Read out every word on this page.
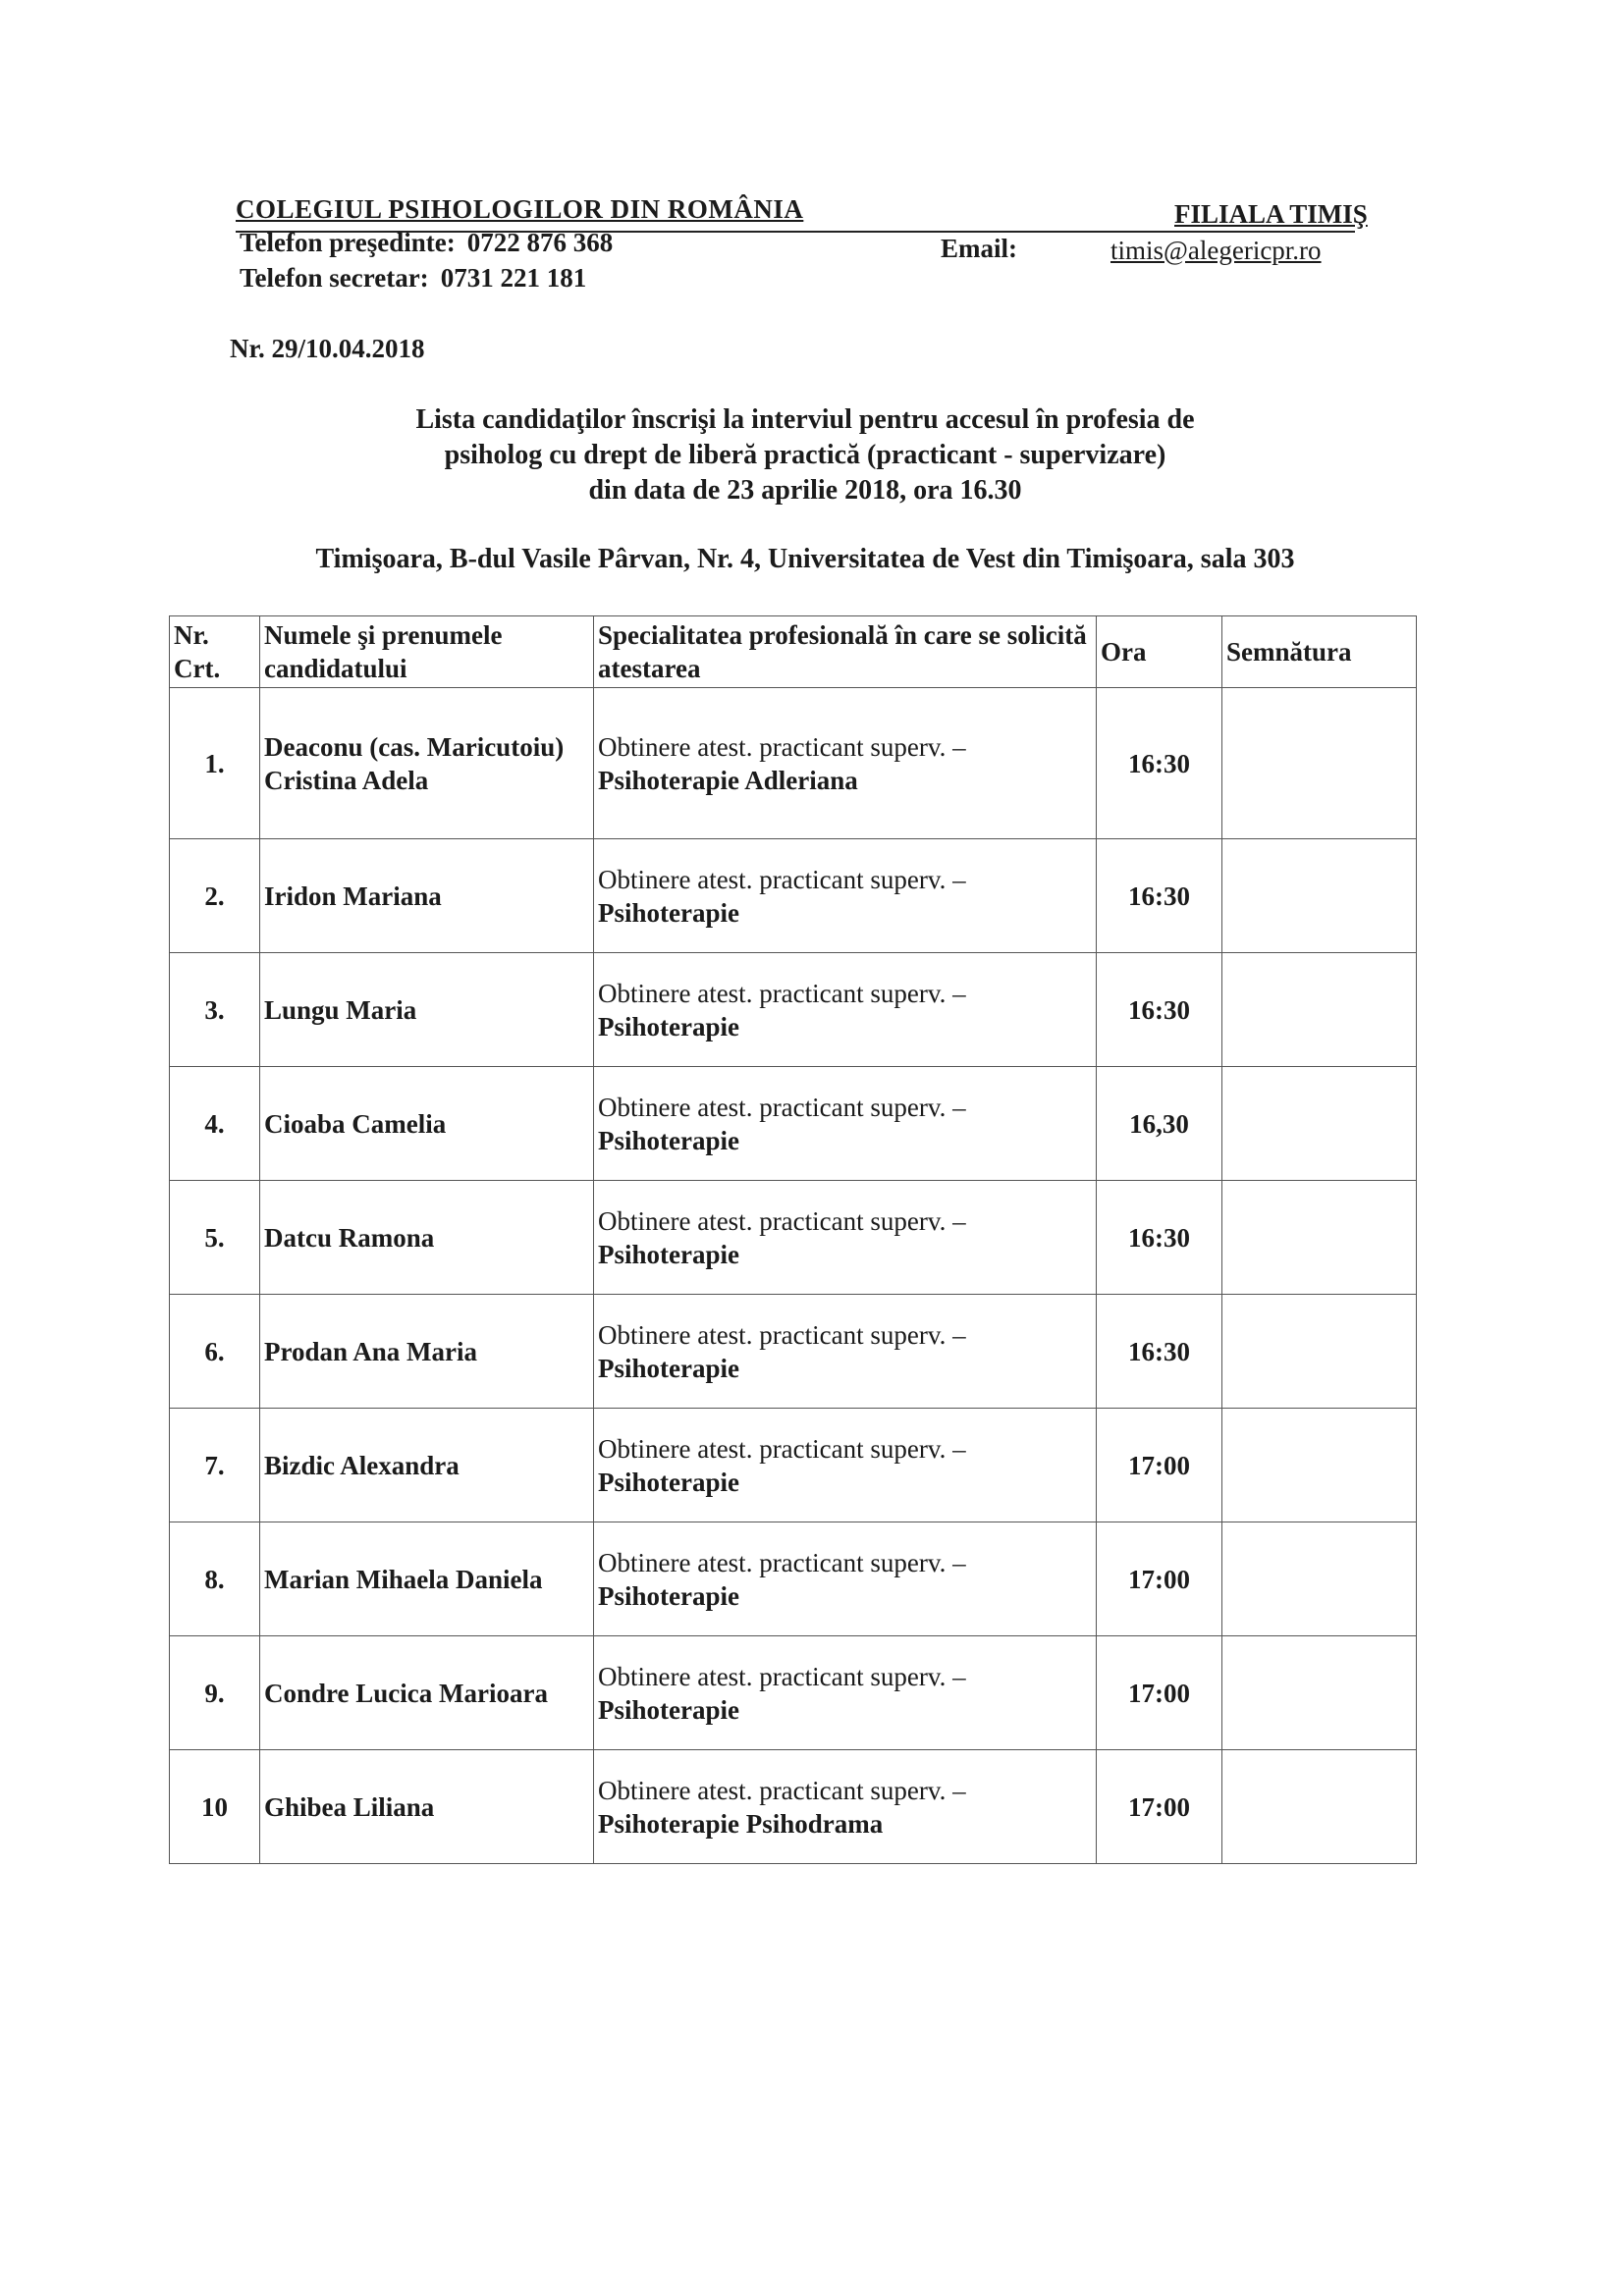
COLEGIUL PSIHOLOGILOR DIN ROMÂNIA	FILIALA TIMIŞ
Telefon preşedinte: 0722 876 368
Telefon secretar: 0731 221 181
Email:	timis@alegericpr.ro
Nr. 29/10.04.2018
Lista candidaţilor înscrişi la interviul pentru accesul în profesia de
psiholog cu drept de liberă practică (practicant - supervizare)
din data de 23 aprilie 2018, ora 16.30
Timişoara, B-dul Vasile Pârvan, Nr. 4, Universitatea de Vest din Timişoara, sala 303
Nr. Crt.	Numele şi prenumele candidatului	Specialitatea profesională în care se solicită atestarea	Ora	Semnătura
1.	Deaconu (cas. Maricutoiu) Cristina Adela	Obtinere atest. practicant superv. –
Psihoterapie Adleriana	16:30	
2.	Iridon Mariana	Obtinere atest. practicant superv. –
Psihoterapie	16:30	
3.	Lungu Maria	Obtinere atest. practicant superv. –
Psihoterapie	16:30	
4.	Cioaba Camelia	Obtinere atest. practicant superv. –
Psihoterapie	16,30	
5.	Datcu Ramona	Obtinere atest. practicant superv. –
Psihoterapie	16:30	
6.	Prodan Ana Maria	Obtinere atest. practicant superv. –
Psihoterapie	16:30	
7.	Bizdic Alexandra	Obtinere atest. practicant superv. –
Psihoterapie	17:00	
8.	Marian Mihaela Daniela	Obtinere atest. practicant superv. –
Psihoterapie	17:00	
9.	Condre Lucica Marioara	Obtinere atest. practicant superv. –
Psihoterapie	17:00	
10	Ghibea Liliana	Obtinere atest. practicant superv. –
Psihoterapie Psihodrama	17:00	
